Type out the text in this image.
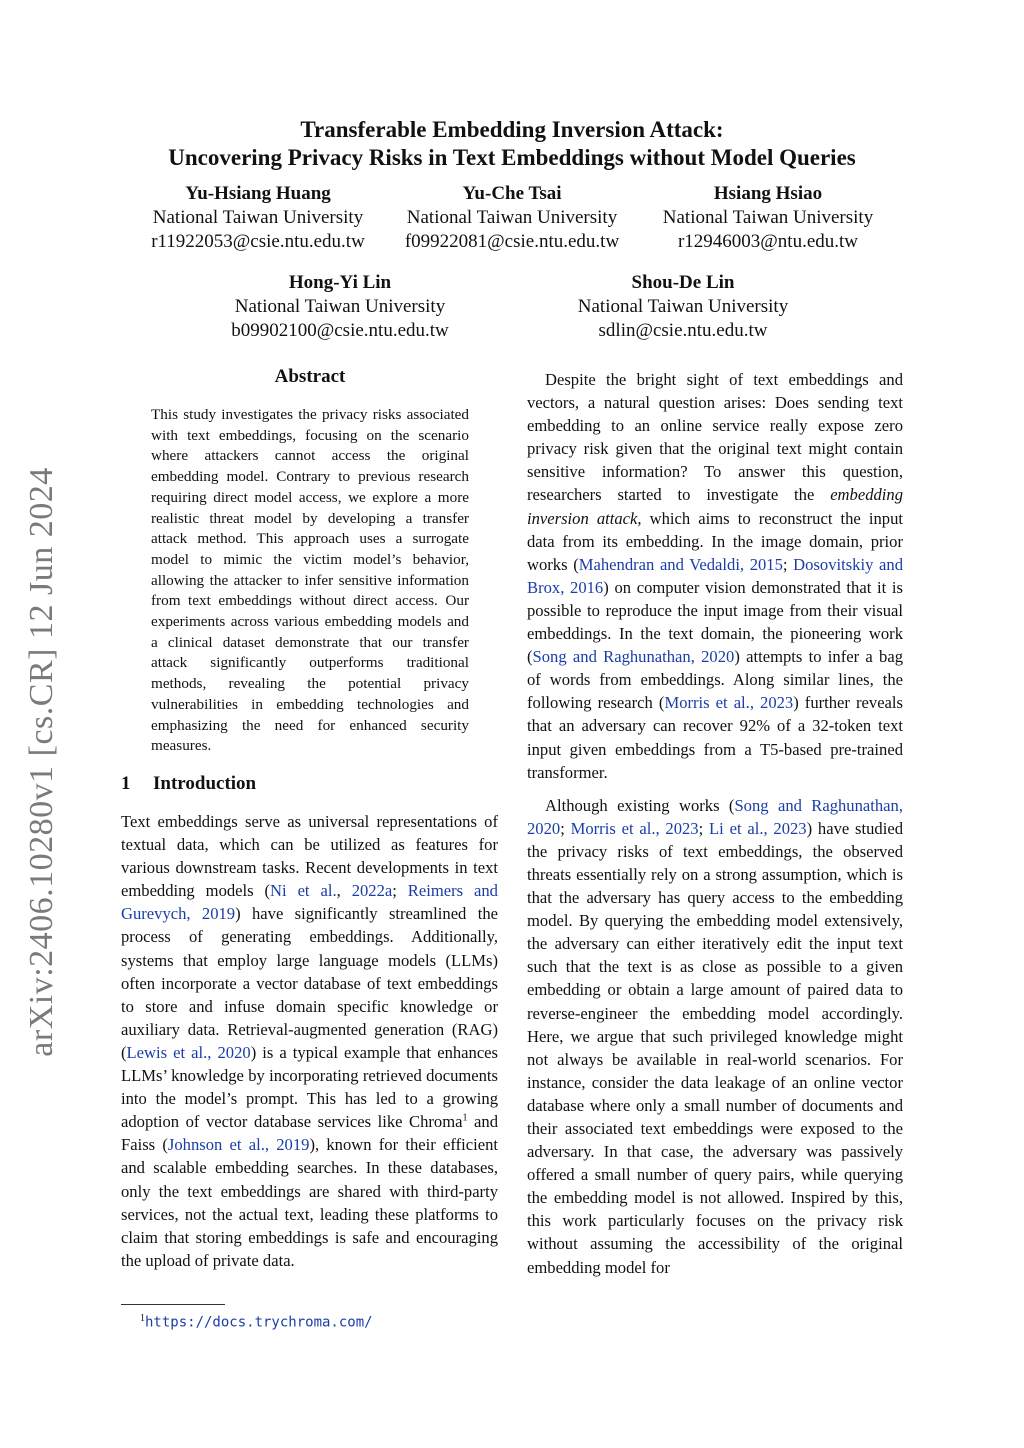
arXiv:2406.10280v1 [cs.CR] 12 Jun 2024
Transferable Embedding Inversion Attack:
Uncovering Privacy Risks in Text Embeddings without Model Queries
Yu-Hsiang Huang
National Taiwan University
r11922053@csie.ntu.edu.tw
Yu-Che Tsai
National Taiwan University
f09922081@csie.ntu.edu.tw
Hsiang Hsiao
National Taiwan University
r12946003@ntu.edu.tw
Hong-Yi Lin
National Taiwan University
b09902100@csie.ntu.edu.tw
Shou-De Lin
National Taiwan University
sdlin@csie.ntu.edu.tw
Abstract
This study investigates the privacy risks associated with text embeddings, focusing on the scenario where attackers cannot access the original embedding model. Contrary to previous research requiring direct model access, we explore a more realistic threat model by developing a transfer attack method. This approach uses a surrogate model to mimic the victim model’s behavior, allowing the attacker to infer sensitive information from text embeddings without direct access. Our experiments across various embedding models and a clinical dataset demonstrate that our transfer attack significantly outperforms traditional methods, revealing the potential privacy vulnerabilities in embedding technologies and emphasizing the need for enhanced security measures.
1 Introduction

Text embeddings serve as universal representations of textual data, which can be utilized as features for various downstream tasks. Recent developments in text embedding models (Ni et al., 2022a; Reimers and Gurevych, 2019) have significantly streamlined the process of generating embeddings. Additionally, systems that employ large language models (LLMs) often incorporate a vector database of text embeddings to store and infuse domain specific knowledge or auxiliary data. Retrieval-augmented generation (RAG) (Lewis et al., 2020) is a typical example that enhances LLMs’ knowledge by incorporating retrieved documents into the model’s prompt. This has led to a growing adoption of vector database services like Chroma$^1$ and Faiss (Johnson et al., 2019), known for their efficient and scalable embedding searches. In these databases, only the text embeddings are shared with third-party services, not the actual text, leading these platforms to claim that storing embeddings is safe and encouraging the upload of private data.

Despite the bright sight of text embeddings and vectors, a natural question arises: Does sending text embedding to an online service really expose zero privacy risk given that the original text might contain sensitive information? To answer this question, researchers started to investigate the embedding inversion attack, which aims to reconstruct the input data from its embedding. In the image domain, prior works (Mahendran and Vedaldi, 2015; Dosovitskiy and Brox, 2016) on computer vision demonstrated that it is possible to reproduce the input image from their visual embeddings. In the text domain, the pioneering work (Song and Raghunathan, 2020) attempts to infer a bag of words from embeddings. Along similar lines, the following research (Morris et al., 2023) further reveals that an adversary can recover 92% of a 32-token text input given embeddings from a T5-based pre-trained transformer.

Although existing works (Song and Raghunathan, 2020; Morris et al., 2023; Li et al., 2023) have studied the privacy risks of text embeddings, the observed threats essentially rely on a strong assumption, which is that the adversary has query access to the embedding model. By querying the embedding model extensively, the adversary can either iteratively edit the input text such that the text is as close as possible to a given embedding or obtain a large amount of paired data to reverse-engineer the embedding model accordingly. Here, we argue that such privileged knowledge might not always be available in real-world scenarios. For instance, consider the data leakage of an online vector database where only a small number of documents and their associated text embeddings were exposed to the adversary. In that case, the adversary was passively offered a small number of query pairs, while querying the embedding model is not allowed. Inspired by this, this work particularly focuses on the privacy risk without assuming the accessibility of the original embedding model for

$^1$https://docs.trychroma.com/
